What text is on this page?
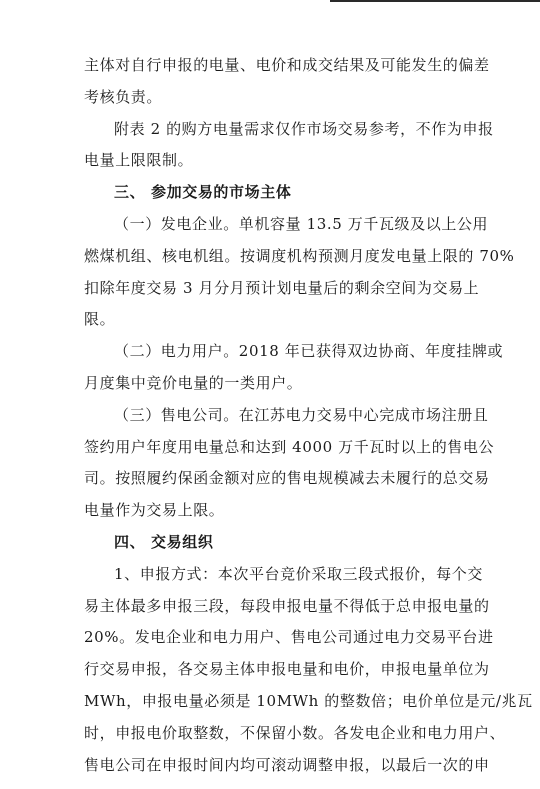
主体对自行申报的电量、电价和成交结果及可能发生的偏差
考核负责。
附表 2 的购方电量需求仅作市场交易参考，不作为申报
电量上限限制。
三、 参加交易的市场主体
（一）发电企业。单机容量 13.5 万千瓦级及以上公用
燃煤机组、核电机组。按调度机构预测月度发电量上限的 70%
扣除年度交易 3 月分月预计划电量后的剩余空间为交易上
限。
（二）电力用户。2018 年已获得双边协商、年度挂牌或
月度集中竞价电量的一类用户。
（三）售电公司。在江苏电力交易中心完成市场注册且
签约用户年度用电量总和达到 4000 万千瓦时以上的售电公
司。按照履约保函金额对应的售电规模减去未履行的总交易
电量作为交易上限。
四、 交易组织
1、申报方式：本次平台竞价采取三段式报价，每个交
易主体最多申报三段，每段申报电量不得低于总申报电量的
20%。发电企业和电力用户、售电公司通过电力交易平台进
行交易申报，各交易主体申报电量和电价，申报电量单位为
MWh，申报电量必须是 10MWh 的整数倍；电价单位是元/兆瓦
时，申报电价取整数，不保留小数。各发电企业和电力用户、
售电公司在申报时间内均可滚动调整申报，以最后一次的申
